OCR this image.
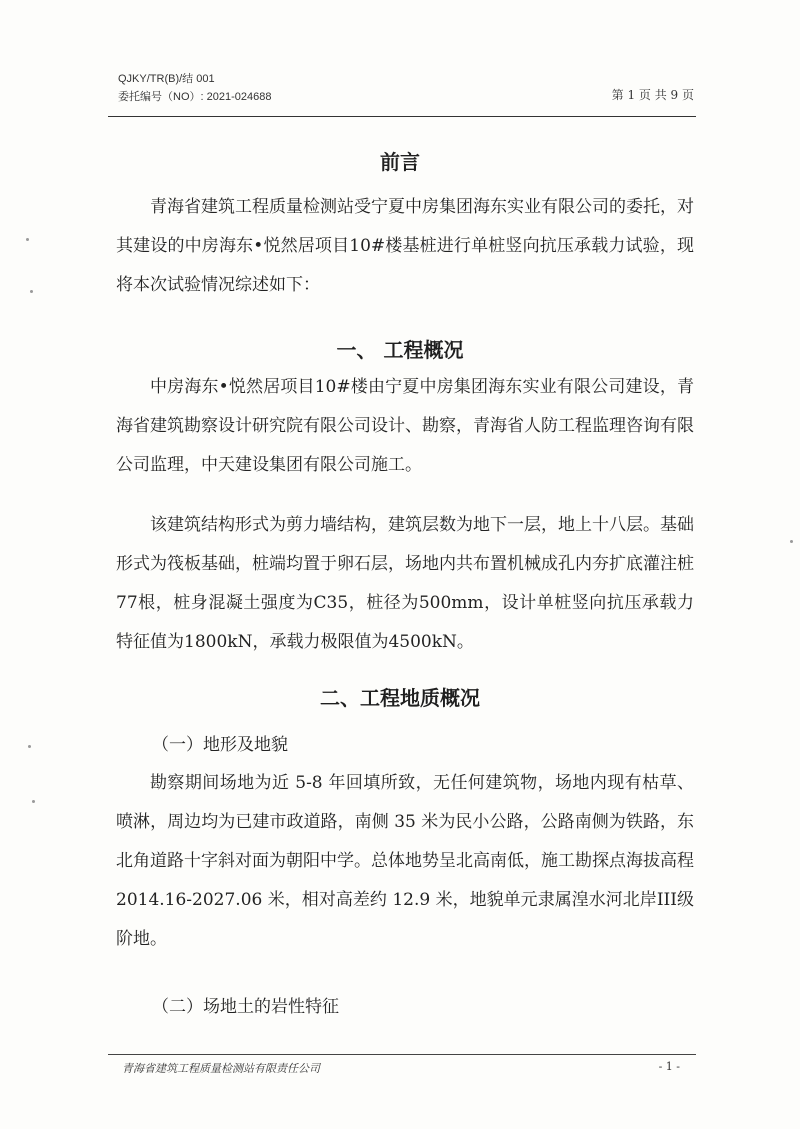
QJKY/TR(B)/结 001
委托编号（NO）: 2021-024688	第 1 页 共 9 页
前言
青海省建筑工程质量检测站受宁夏中房集团海东实业有限公司的委托，对其建设的中房海东•悦然居项目10#楼基桩进行单桩竖向抗压承载力试验，现将本次试验情况综述如下：
一、 工程概况
中房海东•悦然居项目10#楼由宁夏中房集团海东实业有限公司建设，青海省建筑勘察设计研究院有限公司设计、勘察，青海省人防工程监理咨询有限公司监理，中天建设集团有限公司施工。
该建筑结构形式为剪力墙结构，建筑层数为地下一层，地上十八层。基础形式为筏板基础，桩端均置于卵石层，场地内共布置机械成孔内夯扩底灌注桩77根，桩身混凝土强度为C35，桩径为500mm，设计单桩竖向抗压承载力特征值为1800kN，承载力极限值为4500kN。
二、工程地质概况
（一）地形及地貌
勘察期间场地为近 5-8 年回填所致，无任何建筑物，场地内现有枯草、喷淋，周边均为已建市政道路，南侧 35 米为民小公路，公路南侧为铁路，东北角道路十字斜对面为朝阳中学。总体地势呈北高南低，施工勘探点海拔高程 2014.16-2027.06 米，相对高差约 12.9 米，地貌单元隶属湟水河北岸III级阶地。
（二）场地土的岩性特征
青海省建筑工程质量检测站有限责任公司	- 1 -
